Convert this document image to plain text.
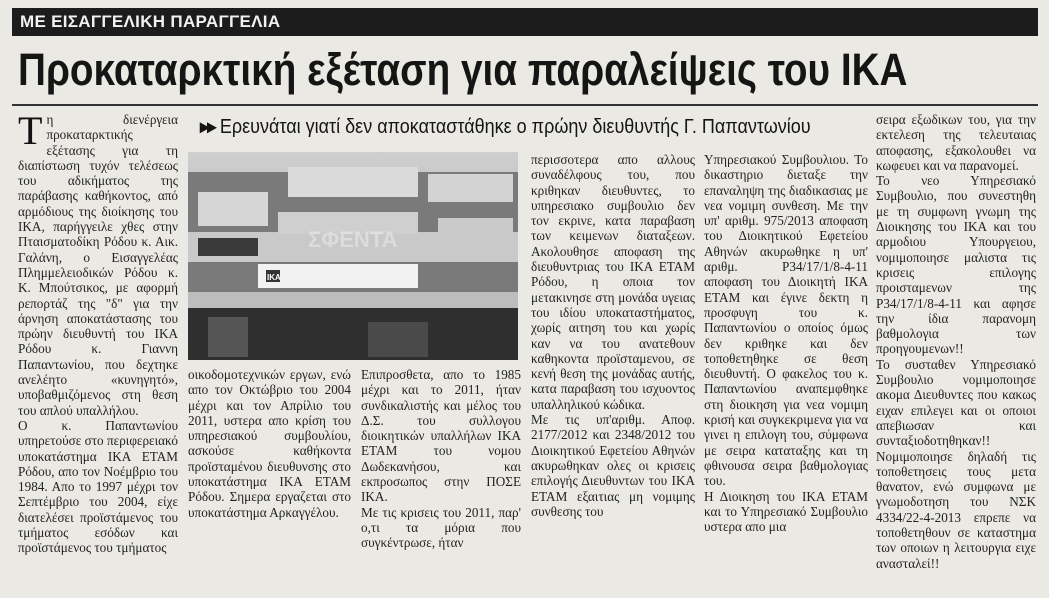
ΜΕ ΕΙΣΑΓΓΕΛΙΚΗ ΠΑΡΑΓΓΕΛΙΑ
Προκαταρκτική εξέταση για παραλείψεις του ΙΚΑ
▸▸ Ερευνάται γιατί δεν αποκαταστάθηκε ο πρώην διευθυντής Γ. Παπαντωνίου
Τη διενέργεια προκαταρκτικής εξέτασης για τη διαπίστωση τυχόν τελέσεως του αδικήματος της παράβασης καθήκοντος, από αρμόδιους της διοίκησης του ΙΚΑ, παρήγγειλε χθες στην Πταισματοδίκη Ρόδου κ. Αικ. Γαλάνη, ο Εισαγγελέας Πλημμελειοδικών Ρόδου κ. Κ. Μπούτσικος, με αφορμή ρεπορτάζ της "δ" για την άρνηση αποκατάστασης του πρώην διευθυντή του ΙΚΑ Ρόδου κ. Γιαννη Παπαντωνίου, που δεχτηκε ανελέητο «κυνηγητό», υποβαθμιζόμενος στη θεση του απλού υπαλλήλου.
Ο κ. Παπαντωνίου υπηρετούσε στο περιφερειακό υποκατάστημα ΙΚΑ ΕΤΑΜ Ρόδου, απο τον Νοέμβριο του 1984. Απο το 1997 μέχρι τον Σεπτέμβριο του 2004, είχε διατελέσει προϊστάμενος του τμήματος εσόδων και προϊστάμενος του τμήματος
ΣΦΕΝΤΑ
ΙΚΑ
οικοδομοτεχνικών εργων, ενώ απο τον Οκτώβριο του 2004 μέχρι και τον Απρίλιο του 2011, υστερα απο κρίση του υπηρεσιακού συμβουλίου, ασκούσε καθήκοντα προϊσταμένου διευθυνσης στο υποκατάστημα ΙΚΑ ΕΤΑΜ Ρόδου. Σημερα εργαζεται στο υποκατάστημα Αρκαγγέλου.
Επιπροσθετα, απο το 1985 μέχρι και το 2011, ήταν συνδικαλιστής και μέλος του Δ.Σ. του συλλογου διοικητικών υπαλλήλων ΙΚΑ ΕΤΑΜ του νομου Δωδεκανήσου, και εκπροσωπος στην ΠΟΣΕ ΙΚΑ.
Με τις κρισεις του 2011, παρ' ο,τι τα μόρια που συγκέντρωσε, ήταν
περισσοτερα απο αλλους συναδέλφους του, που κριθηκαν διευθυντες, το υπηρεσιακο συμβουλιο δεν τον εκρινε, κατα παραβαση των κειμενων διαταξεων. Ακολουθησε αποφαση της διευθυντριας του ΙΚΑ ΕΤΑΜ Ρόδου, η οποια τον μετακινησε στη μονάδα υγειας του ιδίου υποκαταστήματος, χωρίς αιτηση του και χωρίς καν να του ανατεθουν καθηκοντα προϊσταμενου, σε κενή θεση της μονάδας αυτής, κατα παραβαση του ισχυοντος υπαλληλικού κώδικα.
Με τις υπ'αριθμ. Αποφ. 2177/2012 και 2348/2012 του Διοικητικού Εφετείου Αθηνών ακυρωθηκαν ολες οι κρισεις επιλογής Διευθυντων του ΙΚΑ ΕΤΑΜ εξαιτιας μη νομιμης συνθεσης του
Υπηρεσιακού Συμβουλιου. Το δικαστηριο διεταξε την επαναληψη της διαδικασιας με νεα νομιμη συνθεση. Με την υπ' αριθμ. 975/2013 αποφαση του Διοικητικού Εφετείου Αθηνών ακυρωθηκε η υπ' αριθμ. Ρ34/17/1/8-4-11 αποφαση του Διοικητή ΙΚΑ ΕΤΑΜ και έγινε δεκτη η προσφυγη του κ. Παπαντωνίου ο οποίος όμως δεν κριθηκε και δεν τοποθετηθηκε σε θεση διευθυντή. Ο φακελος του κ. Παπαντωνίου αναπεμφθηκε στη διοικηση για νεα νομιμη κρισή και συγκεκριμενα για να γινει η επιλογη του, σύμφωνα με σειρα καταταξης και τη φθινουσα σειρα βαθμολογιας του.
Η Διοικηση του ΙΚΑ ΕΤΑΜ και το Υπηρεσιακό Συμβουλιο υστερα απο μια
σειρα εξωδικων του, για την εκτελεση της τελευταιας αποφασης, εξακολουθει να κωφευει και να παρανομεί.
Το νεο Υπηρεσιακό Συμβουλιο, που συνεστηθη με τη συμφωνη γνωμη της Διοικησης του ΙΚΑ και του αρμοδιου Υπουργειου, νομιμοποιησε μαλιστα τις κρισεις επιλογης προισταμενων της Ρ34/17/1/8-4-11 και αφησε την ίδια παρανομη βαθμολογια των προηγουμενων!!
Το συσταθεν Υπηρεσιακό Συμβουλιο νομιμοποιησε ακομα Διευθυντες που κακως ειχαν επιλεγει και οι οποιοι απεβιωσαν και συνταξιοδοτηθηκαν!! Νομιμοποιησε δηλαδή τις τοποθετησεις τους μετα θανατον, ενώ συμφωνα με γνωμοδοτηση του ΝΣΚ 4334/22-4-2013 επρεπε να τοποθετηθουν σε καταστημα των οποιων η λειτουργια ειχε ανασταλεί!!
